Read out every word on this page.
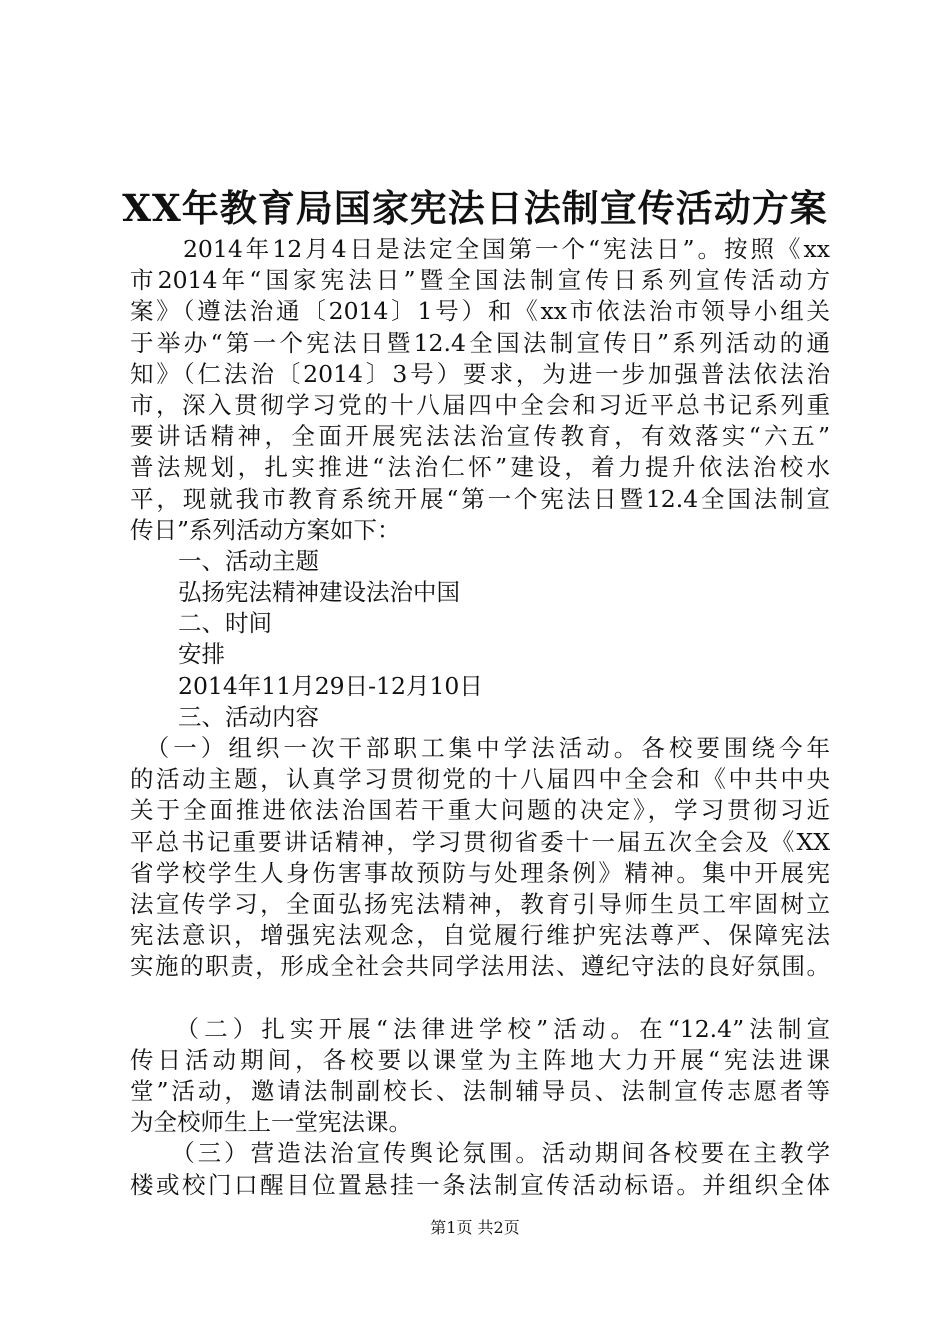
XX年教育局国家宪法日法制宣传活动方案
　　2014年12月4日是法定全国第一个“宪法日”。按照《xx
市2014年“国家宪法日”暨全国法制宣传日系列宣传活动方
案》（遵法治通〔2014〕1号）和《xx市依法治市领导小组关
于举办“第一个宪法日暨12.4全国法制宣传日”系列活动的通
知》（仁法治〔2014〕3号）要求，为进一步加强普法依法治
市，深入贯彻学习党的十八届四中全会和习近平总书记系列重
要讲话精神，全面开展宪法法治宣传教育，有效落实“六五”
普法规划，扎实推进“法治仁怀”建设，着力提升依法治校水
平，现就我市教育系统开展“第一个宪法日暨12.4全国法制宣
传日”系列活动方案如下：
一、活动主题
弘扬宪法精神建设法治中国
二、时间
安排
2014年11月29日-12月10日
三、活动内容
　（一）组织一次干部职工集中学法活动。各校要围绕今年
的活动主题，认真学习贯彻党的十八届四中全会和《中共中央
关于全面推进依法治国若干重大问题的决定》，学习贯彻习近
平总书记重要讲话精神，学习贯彻省委十一届五次全会及《XX
省学校学生人身伤害事故预防与处理条例》精神。集中开展宪
法宣传学习，全面弘扬宪法精神，教育引导师生员工牢固树立
宪法意识，增强宪法观念，自觉履行维护宪法尊严、保障宪法
实施的职责，形成全社会共同学法用法、遵纪守法的良好氛围。
　　（二）扎实开展“法律进学校”活动。在“12.4”法制宣
传日活动期间，各校要以课堂为主阵地大力开展“宪法进课
堂”活动，邀请法制副校长、法制辅导员、法制宣传志愿者等
为全校师生上一堂宪法课。
　　（三）营造法治宣传舆论氛围。活动期间各校要在主教学
楼或校门口醒目位置悬挂一条法制宣传活动标语。并组织全体
第1页 共2页
